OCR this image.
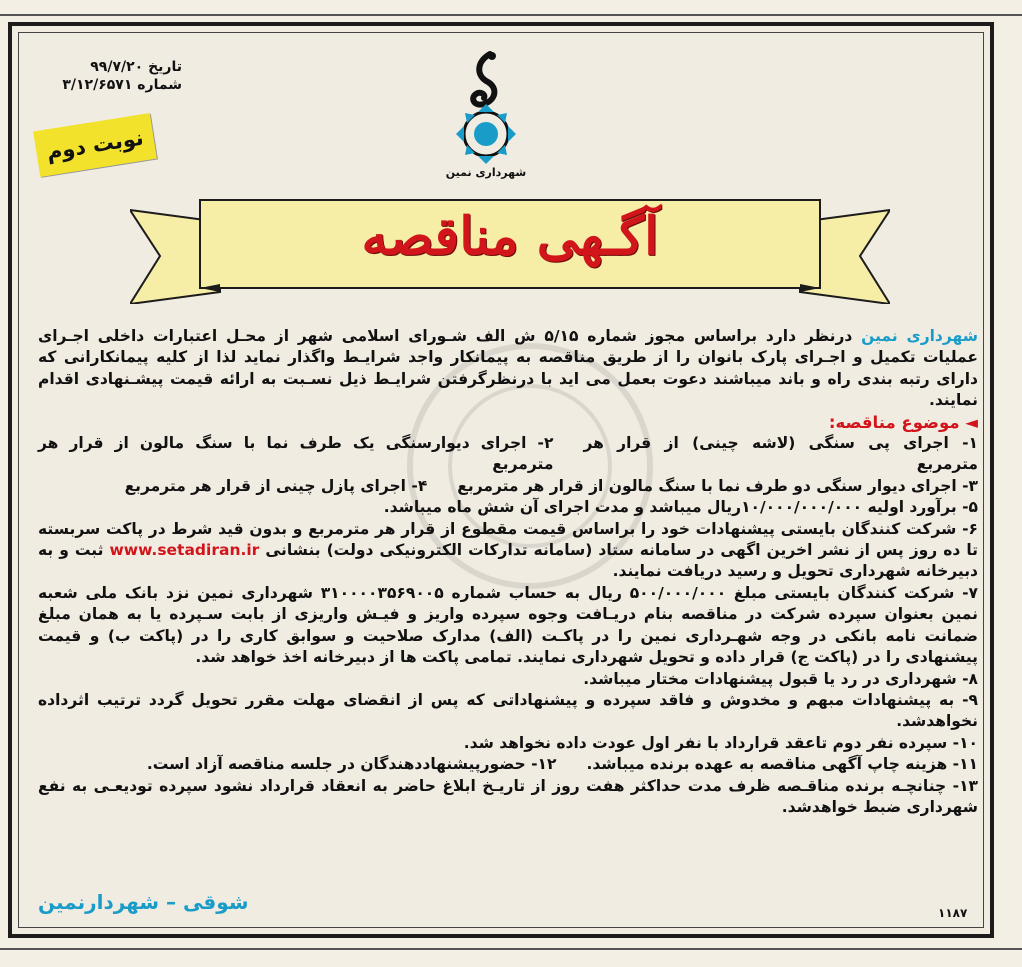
تاریخ ۹۹/۷/۲۰
شماره ۳/۱۲/۶۵۷۱
نوبت دوم
شهرداری نمین
آگـهی مناقصه

شهرداری نمین درنظر دارد براساس مجوز شماره ۵/۱۵ ش الف شـورای اسلامی شهر از محـل اعتبارات داخلی اجـرای عملیات تکمیل و اجـرای پارک بانوان را از طریق مناقصه به پیمانکار واجد شرایـط واگذار نماید لذا از کلیه پیمانکارانی که دارای رتبه بندی راه و باند میباشند دعوت بعمل می اید با درنظرگرفتن شرایـط ذیل نسـبت به ارائه قیمت پیشـنهادی اقدام نمایند.

◄ موضوع مناقصه:

۱- اجرای پی سنگی (لاشه چینی) از قرار هر مترمربع
۲- اجرای دیوارسنگی یک طرف نما با سنگ مالون از قرار هر مترمربع

۳- اجرای دیوار سنگی دو طرف نما با سنگ مالون از قرار هر مترمربع
۴- اجرای پازل چینی از قرار هر مترمربع

۵- برآورد اولیه ۱۰/۰۰۰/۰۰۰/۰۰۰ریال میباشد و مدت اجرای آن شش ماه میباشد.

۶- شرکت کنندگان بایستی پیشنهادات خود را براساس قیمت مقطوع از قرار هر مترمربع و بدون قید شرط در پاکت سربسته تا ده روز پس از نشر اخرین اگهی در سامانه ستاد (سامانه تدارکات الکترونیکی دولت) بنشانی www.setadiran.ir ثبت و به دبیرخانه شهرداری تحویل و رسید دریافت نمایند.

۷- شرکت کنندگان بایستی مبلغ ۵۰۰/۰۰۰/۰۰۰ ریال به حساب شماره ۳۱۰۰۰۰۳۵۶۹۰۰۵ شهرداری نمین نزد بانک ملی شعبه نمین بعنوان سپرده شرکت در مناقصه بنام دریـافت وجوه سپرده واریز و فیـش واریزی از بابت سـپرده یا به همان مبلغ ضمانت نامه بانکی در وجه شهـرداری نمین را در پاکـت (الف) مدارک صلاحیت و سوابق کاری را در (پاکت ب) و قیمت پیشنهادی را در (پاکت ج) قرار داده و تحویل شهرداری نمایند. تمامی پاکت ها از دبیرخانه اخذ خواهد شد.

۸- شهرداری در رد یا قبول پیشنهادات مختار میباشد.

۹- به پیشنهادات مبهم و مخدوش و فاقد سپرده و پیشنهاداتی که پس از انقضای مهلت مقرر تحویل گردد ترتیب اثرداده نخواهدشد.

۱۰- سپرده نفر دوم تاعقد قرارداد با نفر اول عودت داده نخواهد شد.

۱۱- هزینه چاپ آگهی مناقصه به عهده برنده میباشد.
۱۲- حضورپیشنهاددهندگان در جلسه مناقصه آزاد است.

۱۳- چنانچـه برنده مناقـصه ظرف مدت حداکثر هفت روز از تاریـخ ابلاغ حاضر به انعقاد قرارداد نشود سپرده تودیعـی به نفع شهرداری ضبط خواهدشد.

شوقی – شهردارنمین	۱۱۸۷
